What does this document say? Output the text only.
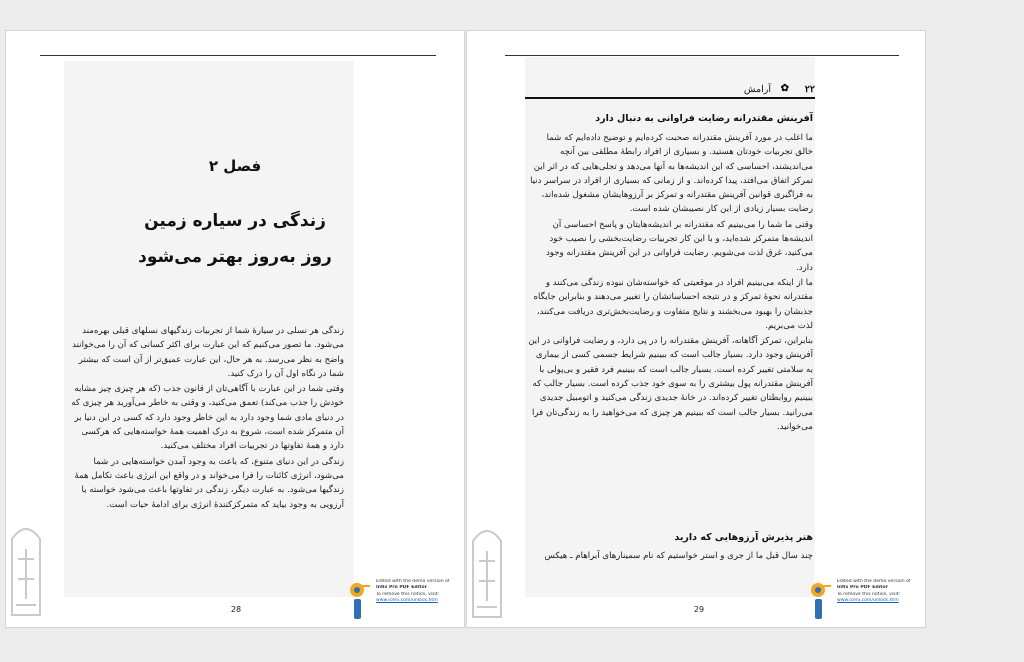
فصل ۲
زندگی در سیاره زمین
روز به‌روز بهتر می‌شود

زندگی هر نسلی در سیارهٔ شما از تجربیات زندگیهای نسلهای قبلی بهره‌مند می‌شود. ما تصور می‌کنیم که این عبارت برای اکثر کسانی که آن را می‌خوانند واضح به نظر می‌رسد. به هر حال، این عبارت عمیق‌تر از آن است که بیشتر شما در نگاه اول آن را درک کنید.

وقتی شما در این عبارت با آگاهی‌تان از قانون جذب (که هر چیزی چیز مشابه خودش را جذب می‌کند) تعمق می‌کنید، و وقتی به خاطر می‌آورید هر چیزی که در دنیای مادی شما وجود دارد به این خاطر وجود دارد که کسی در این دنیا بر آن متمرکز شده است، شروع به درک اهمیت همهٔ خواسته‌هایی که هرکسی دارد و همهٔ تفاوتها در تجربیات افراد مختلف می‌کنید.

زندگی در این دنیای متنوع، که باعث به وجود آمدن خواسته‌هایی در شما می‌شود، انرژی کائنات را فرا می‌خواند و در واقع این انرژی باعث تکامل همهٔ زندگیها می‌شود. به عبارت دیگر، زندگی در تفاوتها باعث می‌شود خواسته یا آرزویی به وجود بیاید که متمرکزکنندهٔ انرژی برای ادامهٔ حیات است.

Edited with the demo version of
Infix Pro PDF Editor
To remove this notice, visit:
www.iceni.com/unlock.htm
28
۲۲
✿
آرامش
آفرینش مقتدرانه رضایت فراوانی به دنبال دارد

ما اغلب در مورد آفرینش مقتدرانه صحبت کرده‌ایم و توضیح داده‌ایم که شما خالق تجربیات خودتان هستید. و بسیاری از افراد رابطهٔ مطلقی بین آنچه می‌اندیشند، احساسی که این اندیشه‌ها به آنها می‌دهد و تجلی‌هایی که در اثر این تمرکز اتفاق می‌افتد، پیدا کرده‌اند. و از زمانی که بسیاری از افراد در سراسر دنیا به فراگیری قوانین آفرینش مقتدرانه و تمرکز بر آرزوهایشان مشغول شده‌اند، رضایت بسیار زیادی از این کار نصیبشان شده است.

وقتی ما شما را می‌بینیم که مقتدرانه بر اندیشه‌هایتان و پاسخ احساسی آن اندیشه‌ها متمرکز شده‌اید، و با این کار تجربیات رضایت‌بخشی را نصیب خود می‌کنید، غرق لذت می‌شویم. رضایت فراوانی در این آفرینش مقتدرانه وجود دارد.

ما از اینکه می‌بینیم افراد در موقعیتی که خواسته‌شان نبوده زندگی می‌کنند و مقتدرانه نحوهٔ تمرکز و در نتیجه احساساتشان را تغییر می‌دهند و بنابراین جایگاه جذبشان را بهبود می‌بخشند و نتایج متفاوت و رضایت‌بخش‌تری دریافت می‌کنند، لذت می‌بریم.

بنابراین، تمرکز آگاهانه، آفرینش مقتدرانه را در پی دارد، و رضایت فراوانی در این آفرینش وجود دارد. بسیار جالب است که ببینیم شرایط جسمی کسی از بیماری به سلامتی تغییر کرده است. بسیار جالب است که ببینیم فرد فقیر و بی‌پولی با آفرینش مقتدرانه پول بیشتری را به سوی خود جذب کرده است. بسیار جالب که ببینیم روابطتان تغییر کرده‌اند. در خانهٔ جدیدی زندگی می‌کنید و اتومبیل جدیدی می‌رانید. بسیار جالب است که ببینیم هر چیزی که می‌خواهید را به زندگی‌تان فرا می‌خوانید.

هنر پذیرش آرزوهایی که دارید

چند سال قبل ما از جری و استر خواستیم که نام سمینارهای آبراهام ـ هیکس

Edited with the demo version of
Infix Pro PDF Editor
To remove this notice, visit:
www.iceni.com/unlock.htm
29
